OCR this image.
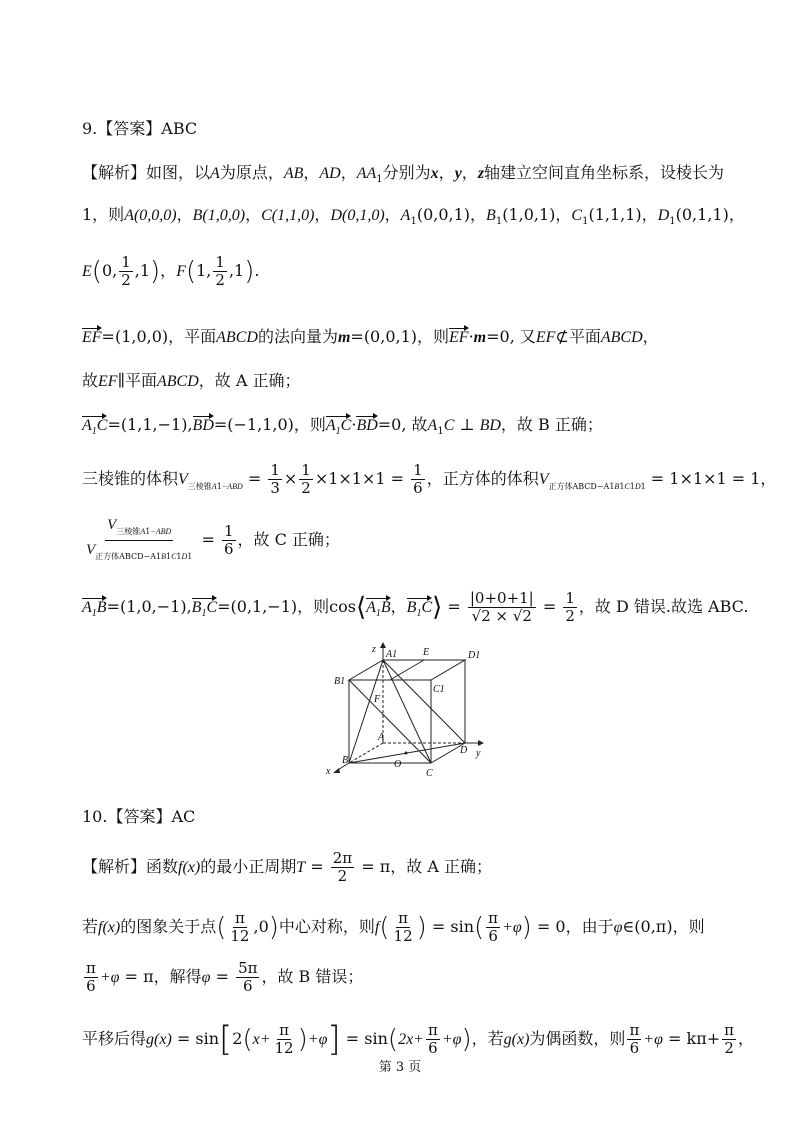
9.【答案】ABC
【解析】如图，以A为原点，AB，AD，$AA_1$分别为x，y，z轴建立空间直角坐标系，设棱长为
1，则A(0,0,0)，B(1,0,0)，C(1,1,0)，D(0,1,0)，$A_1(0,0,1)$，$B_1(1,0,1)$，$C_1(1,1,1)$，$D_1(0,1,1)$，
E(0, $\frac{1}{2} ,1$)，F(1, $\frac{1}{2} ,1$).
EF=(1,0,0)，平面ABCD的法向量为m=(0,0,1)，则EF·m=0, 又EF⊄平面ABCD，
故EF∥平面ABCD，故 A 正确；
$A_1C=(1,1,-1),BD=(-1,1,0)$，则$A_1C\cdot BD=0$, 故$A_1C$ ⊥ BD，故 B 正确；
三棱锥的体积$V_{三棱锥A1-ABD} = \frac{1}{3} \times \frac{1}{2} \times 1\times 1\times 1 = \frac{1}{6}$ ，正方体的体积$V_{正方体ABCD-A1B1C1D1} = 1\times 1\times 1 = 1$，
$\frac{V_{三棱锥A1-ABD}}{V_{正方体ABCD-A1B1C1D1}} = \frac{1}{6}$ ，故 C 正确；
$A_1B=(1,0,-1),B_1C=(0,1,-1)$，则$\cos⟨A_1B$，$B_1C⟩ = \frac{|0+0+1|}{√2 \times √2} = \frac{1}{2}$ ，故 D 错误.故选 ABC.
z A1	E	D1
B1
F
C1
A
D
B	O
C
x
y
10.【答案】AC
【解析】函数f(x)的最小正周期$T = \frac{2\pi}{2} = \pi$，故 A 正确；
若f(x)的图象关于点( $\frac{\pi}{12} ,0$)中心对称，则$f( \frac{\pi}{12}$ ) = $\sin( \frac{\pi}{6} +\varphi) = 0$，由于φ∈(0,π)，则
$\frac{\pi}{6} +\varphi = \pi$，解得$\varphi = \frac{5\pi}{6}$ ，故 B 错误；
平移后得$g(x) = \sin[2(x+ \frac{\pi}{12} )+\varphi] = \sin(2x+ \frac{\pi}{6} +\varphi)$，若g(x)为偶函数，则 $\frac{\pi}{6} +\varphi = k\pi+ \frac{\pi}{2}$ ，
第 3 页
